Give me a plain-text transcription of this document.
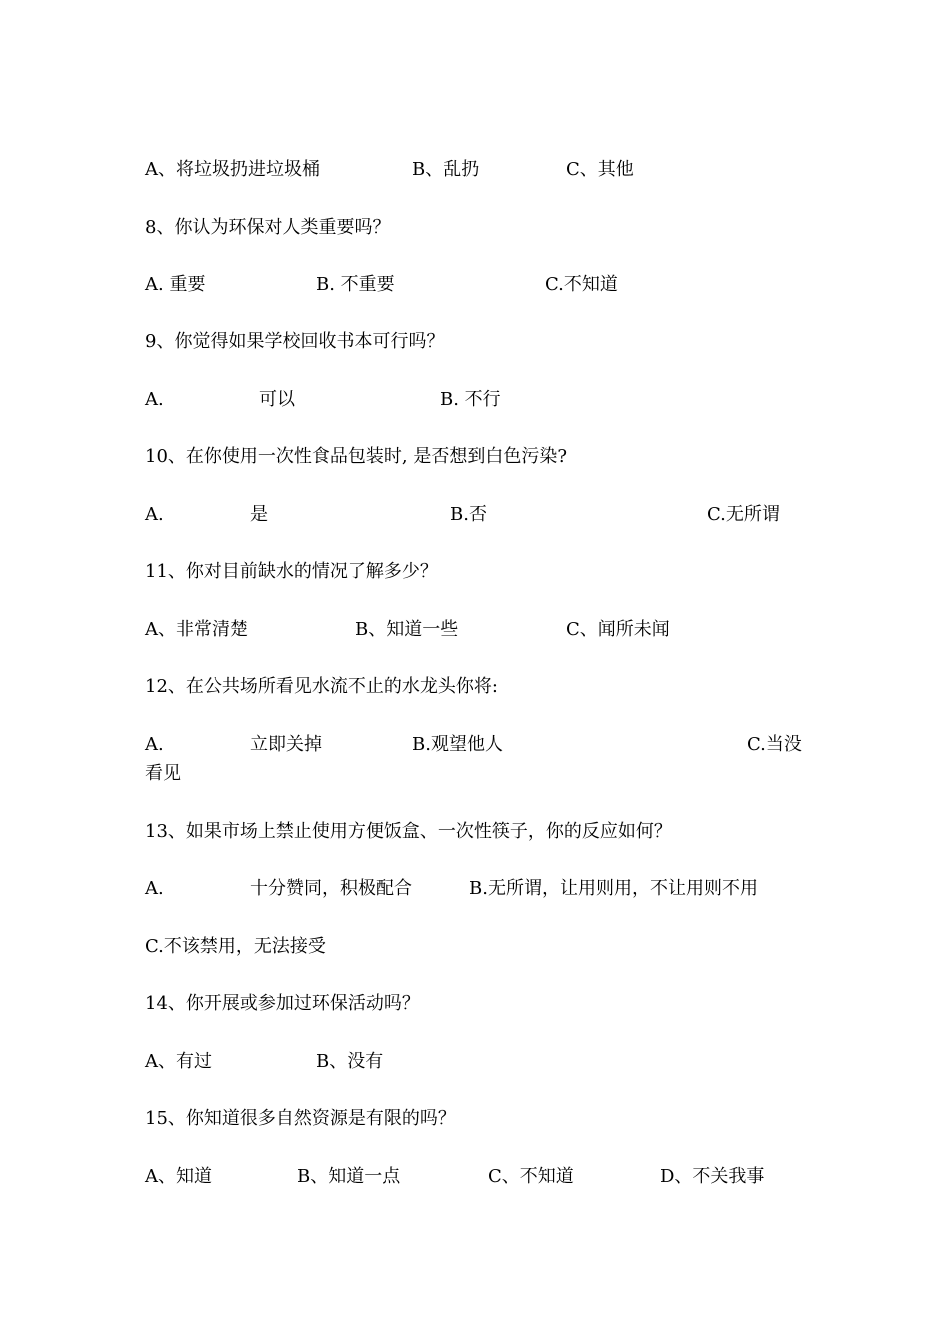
A、将垃圾扔进垃圾桶	B、乱扔	C、其他
8、你认为环保对人类重要吗？
A. 重要	B. 不重要	C.不知道
9、你觉得如果学校回收书本可行吗？
A.	可以	B. 不行
10、在你使用一次性食品包装时, 是否想到白色污染?
A.	是	B.否	C.无所谓
11、你对目前缺水的情况了解多少？
A、非常清楚	B、知道一些	C、闻所未闻
12、在公共场所看见水流不止的水龙头你将:
A.	立即关掉	B.观望他人	C.当没
看见
13、如果市场上禁止使用方便饭盒、一次性筷子，你的反应如何？
A.	十分赞同，积极配合	B.无所谓，让用则用，不让用则不用
C.不该禁用，无法接受
14、你开展或参加过环保活动吗？
A、有过	B、没有
15、你知道很多自然资源是有限的吗？
A、知道	B、知道一点	C、不知道	D、不关我事
